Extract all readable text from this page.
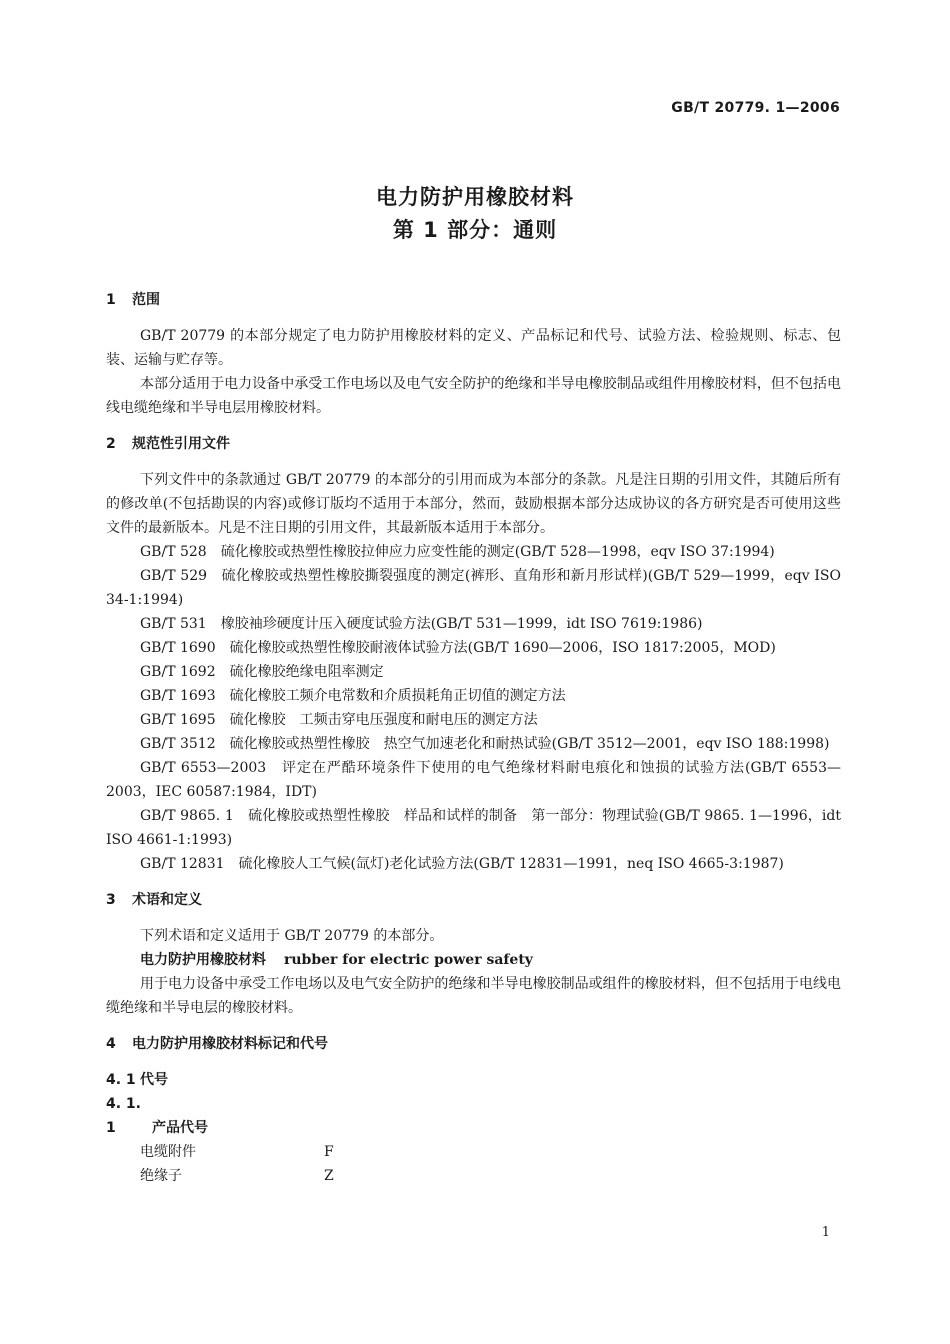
GB/T 20779. 1—2006
电力防护用橡胶材料
第 1 部分：通则
1 范围

GB/T 20779 的本部分规定了电力防护用橡胶材料的定义、产品标记和代号、试验方法、检验规则、标志、包装、运输与贮存等。

本部分适用于电力设备中承受工作电场以及电气安全防护的绝缘和半导电橡胶制品或组件用橡胶材料，但不包括电线电缆绝缘和半导电层用橡胶材料。

2 规范性引用文件

下列文件中的条款通过 GB/T 20779 的本部分的引用而成为本部分的条款。凡是注日期的引用文件，其随后所有的修改单(不包括勘误的内容)或修订版均不适用于本部分，然而，鼓励根据本部分达成协议的各方研究是否可使用这些文件的最新版本。凡是不注日期的引用文件，其最新版本适用于本部分。

GB/T 528　硫化橡胶或热塑性橡胶拉伸应力应变性能的测定(GB/T 528—1998，eqv ISO 37:1994)

GB/T 529　硫化橡胶或热塑性橡胶撕裂强度的测定(裤形、直角形和新月形试样)(GB/T 529—1999，eqv ISO 34-1:1994)

GB/T 531　橡胶袖珍硬度计压入硬度试验方法(GB/T 531—1999，idt ISO 7619:1986)

GB/T 1690　硫化橡胶或热塑性橡胶耐液体试验方法(GB/T 1690—2006，ISO 1817:2005，MOD)

GB/T 1692　硫化橡胶绝缘电阻率测定

GB/T 1693　硫化橡胶工频介电常数和介质损耗角正切值的测定方法

GB/T 1695　硫化橡胶　工频击穿电压强度和耐电压的测定方法

GB/T 3512　硫化橡胶或热塑性橡胶　热空气加速老化和耐热试验(GB/T 3512—2001，eqv ISO 188:1998)

GB/T 6553—2003　评定在严酷环境条件下使用的电气绝缘材料耐电痕化和蚀损的试验方法(GB/T 6553—2003，IEC 60587:1984，IDT)

GB/T 9865. 1　硫化橡胶或热塑性橡胶　样品和试样的制备　第一部分：物理试验(GB/T 9865. 1—1996，idt ISO 4661-1:1993)

GB/T 12831　硫化橡胶人工气候(氙灯)老化试验方法(GB/T 12831—1991，neq ISO 4665-3:1987)

3 术语和定义

下列术语和定义适用于 GB/T 20779 的本部分。

电力防护用橡胶材料 rubber for electric power safety

用于电力设备中承受工作电场以及电气安全防护的绝缘和半导电橡胶制品或组件的橡胶材料，但不包括用于电线电缆绝缘和半导电层的橡胶材料。

4 电力防护用橡胶材料标记和代号
4. 1 代号
4. 1. 1	产品代号
电缆附件	F
绝缘子	Z
1
